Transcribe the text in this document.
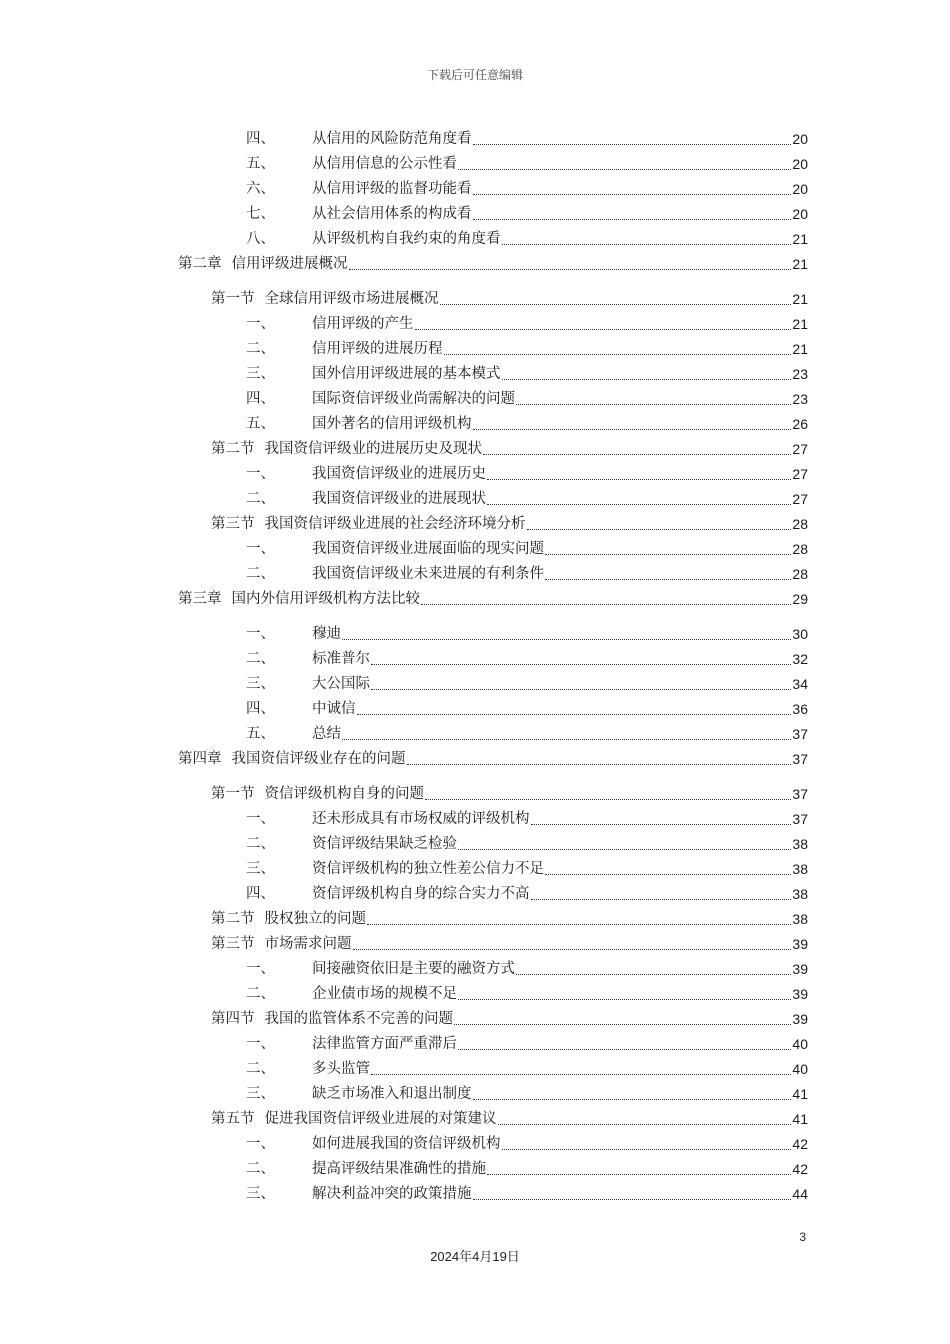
下载后可任意编辑
四、	从信用的风险防范角度看	20
五、	从信用信息的公示性看	20
六、	从信用评级的监督功能看	20
七、	从社会信用体系的构成看	20
八、	从评级机构自我约束的角度看	21
第二章 信用评级进展概况	21
第一节 全球信用评级市场进展概况	21
一、	信用评级的产生	21
二、	信用评级的进展历程	21
三、	国外信用评级进展的基本模式	23
四、	国际资信评级业尚需解决的问题	23
五、	国外著名的信用评级机构	26
第二节 我国资信评级业的进展历史及现状	27
一、	我国资信评级业的进展历史	27
二、	我国资信评级业的进展现状	27
第三节 我国资信评级业进展的社会经济环境分析	28
一、	我国资信评级业进展面临的现实问题	28
二、	我国资信评级业未来进展的有利条件	28
第三章 国内外信用评级机构方法比较	29
一、	穆迪	30
二、	标准普尔	32
三、	大公国际	34
四、	中诚信	36
五、	总结	37
第四章 我国资信评级业存在的问题	37
第一节 资信评级机构自身的问题	37
一、	还未形成具有市场权威的评级机构	37
二、	资信评级结果缺乏检验	38
三、	资信评级机构的独立性差公信力不足	38
四、	资信评级机构自身的综合实力不高	38
第二节 股权独立的问题	38
第三节 市场需求问题	39
一、	间接融资依旧是主要的融资方式	39
二、	企业债市场的规模不足	39
第四节 我国的监管体系不完善的问题	39
一、	法律监管方面严重滞后	40
二、	多头监管	40
三、	缺乏市场准入和退出制度	41
第五节 促进我国资信评级业进展的对策建议	41
一、	如何进展我国的资信评级机构	42
二、	提高评级结果准确性的措施	42
三、	解决利益冲突的政策措施	44
3
2024年4月19日
